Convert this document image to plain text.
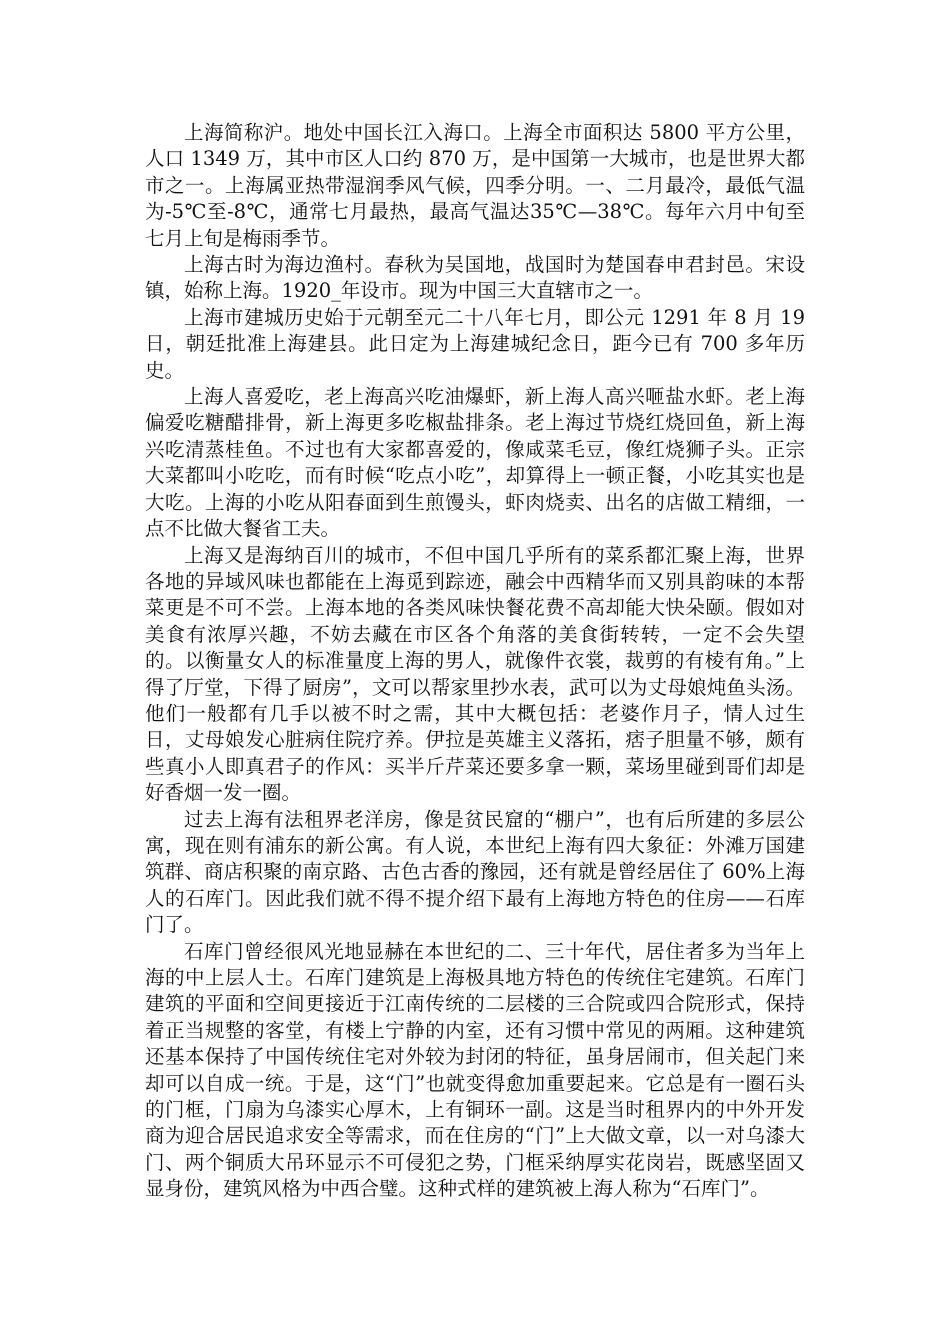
上海简称沪。地处中国长江入海口。上海全市面积达 5800 平方公里，人口 1349 万，其中市区人口约 870 万，是中国第一大城市，也是世界大都市之一。上海属亚热带湿润季风气候，四季分明。一、二月最冷，最低气温为-5℃至-8℃，通常七月最热，最高气温达35℃—38℃。每年六月中旬至七月上旬是梅雨季节。

上海古时为海边渔村。春秋为吴国地，战国时为楚国春申君封邑。宋设镇，始称上海。1920_年设市。现为中国三大直辖市之一。

上海市建城历史始于元朝至元二十八年七月，即公元 1291 年 8 月 19 日，朝廷批准上海建县。此日定为上海建城纪念日，距今已有 700 多年历史。

上海人喜爱吃，老上海高兴吃油爆虾，新上海人高兴咂盐水虾。老上海偏爱吃糖醋排骨，新上海更多吃椒盐排条。老上海过节烧红烧回鱼，新上海兴吃清蒸桂鱼。不过也有大家都喜爱的，像咸菜毛豆，像红烧狮子头。正宗大菜都叫小吃吃，而有时候“吃点小吃”，却算得上一顿正餐，小吃其实也是大吃。上海的小吃从阳春面到生煎馒头，虾肉烧卖、出名的店做工精细，一点不比做大餐省工夫。

上海又是海纳百川的城市，不但中国几乎所有的菜系都汇聚上海，世界各地的异域风味也都能在上海觅到踪迹，融会中西精华而又别具韵味的本帮菜更是不可不尝。上海本地的各类风味快餐花费不高却能大快朵颐。假如对美食有浓厚兴趣，不妨去藏在市区各个角落的美食街转转，一定不会失望的。以衡量女人的标准量度上海的男人，就像件衣裳，裁剪的有棱有角。”上得了厅堂，下得了厨房”，文可以帮家里抄水表，武可以为丈母娘炖鱼头汤。他们一般都有几手以被不时之需，其中大概包括：老婆作月子，情人过生日，丈母娘发心脏病住院疗养。伊拉是英雄主义落拓，痞子胆量不够，颇有些真小人即真君子的作风：买半斤芹菜还要多拿一颗，菜场里碰到哥们却是好香烟一发一圈。

过去上海有法租界老洋房，像是贫民窟的“棚户”，也有后所建的多层公寓，现在则有浦东的新公寓。有人说，本世纪上海有四大象征：外滩万国建筑群、商店积聚的南京路、古色古香的豫园，还有就是曾经居住了 60%上海人的石库门。因此我们就不得不提介绍下最有上海地方特色的住房——石库门了。

石库门曾经很风光地显赫在本世纪的二、三十年代，居住者多为当年上海的中上层人士。石库门建筑是上海极具地方特色的传统住宅建筑。石库门建筑的平面和空间更接近于江南传统的二层楼的三合院或四合院形式，保持着正当规整的客堂，有楼上宁静的内室，还有习惯中常见的两厢。这种建筑还基本保持了中国传统住宅对外较为封闭的特征，虽身居闹市，但关起门来却可以自成一统。于是，这“门”也就变得愈加重要起来。它总是有一圈石头的门框，门扇为乌漆实心厚木，上有铜环一副。这是当时租界内的中外开发商为迎合居民追求安全等需求，而在住房的“门”上大做文章，以一对乌漆大门、两个铜质大吊环显示不可侵犯之势，门框采纳厚实花岗岩，既感坚固又显身份，建筑风格为中西合璧。这种式样的建筑被上海人称为“石库门”。
